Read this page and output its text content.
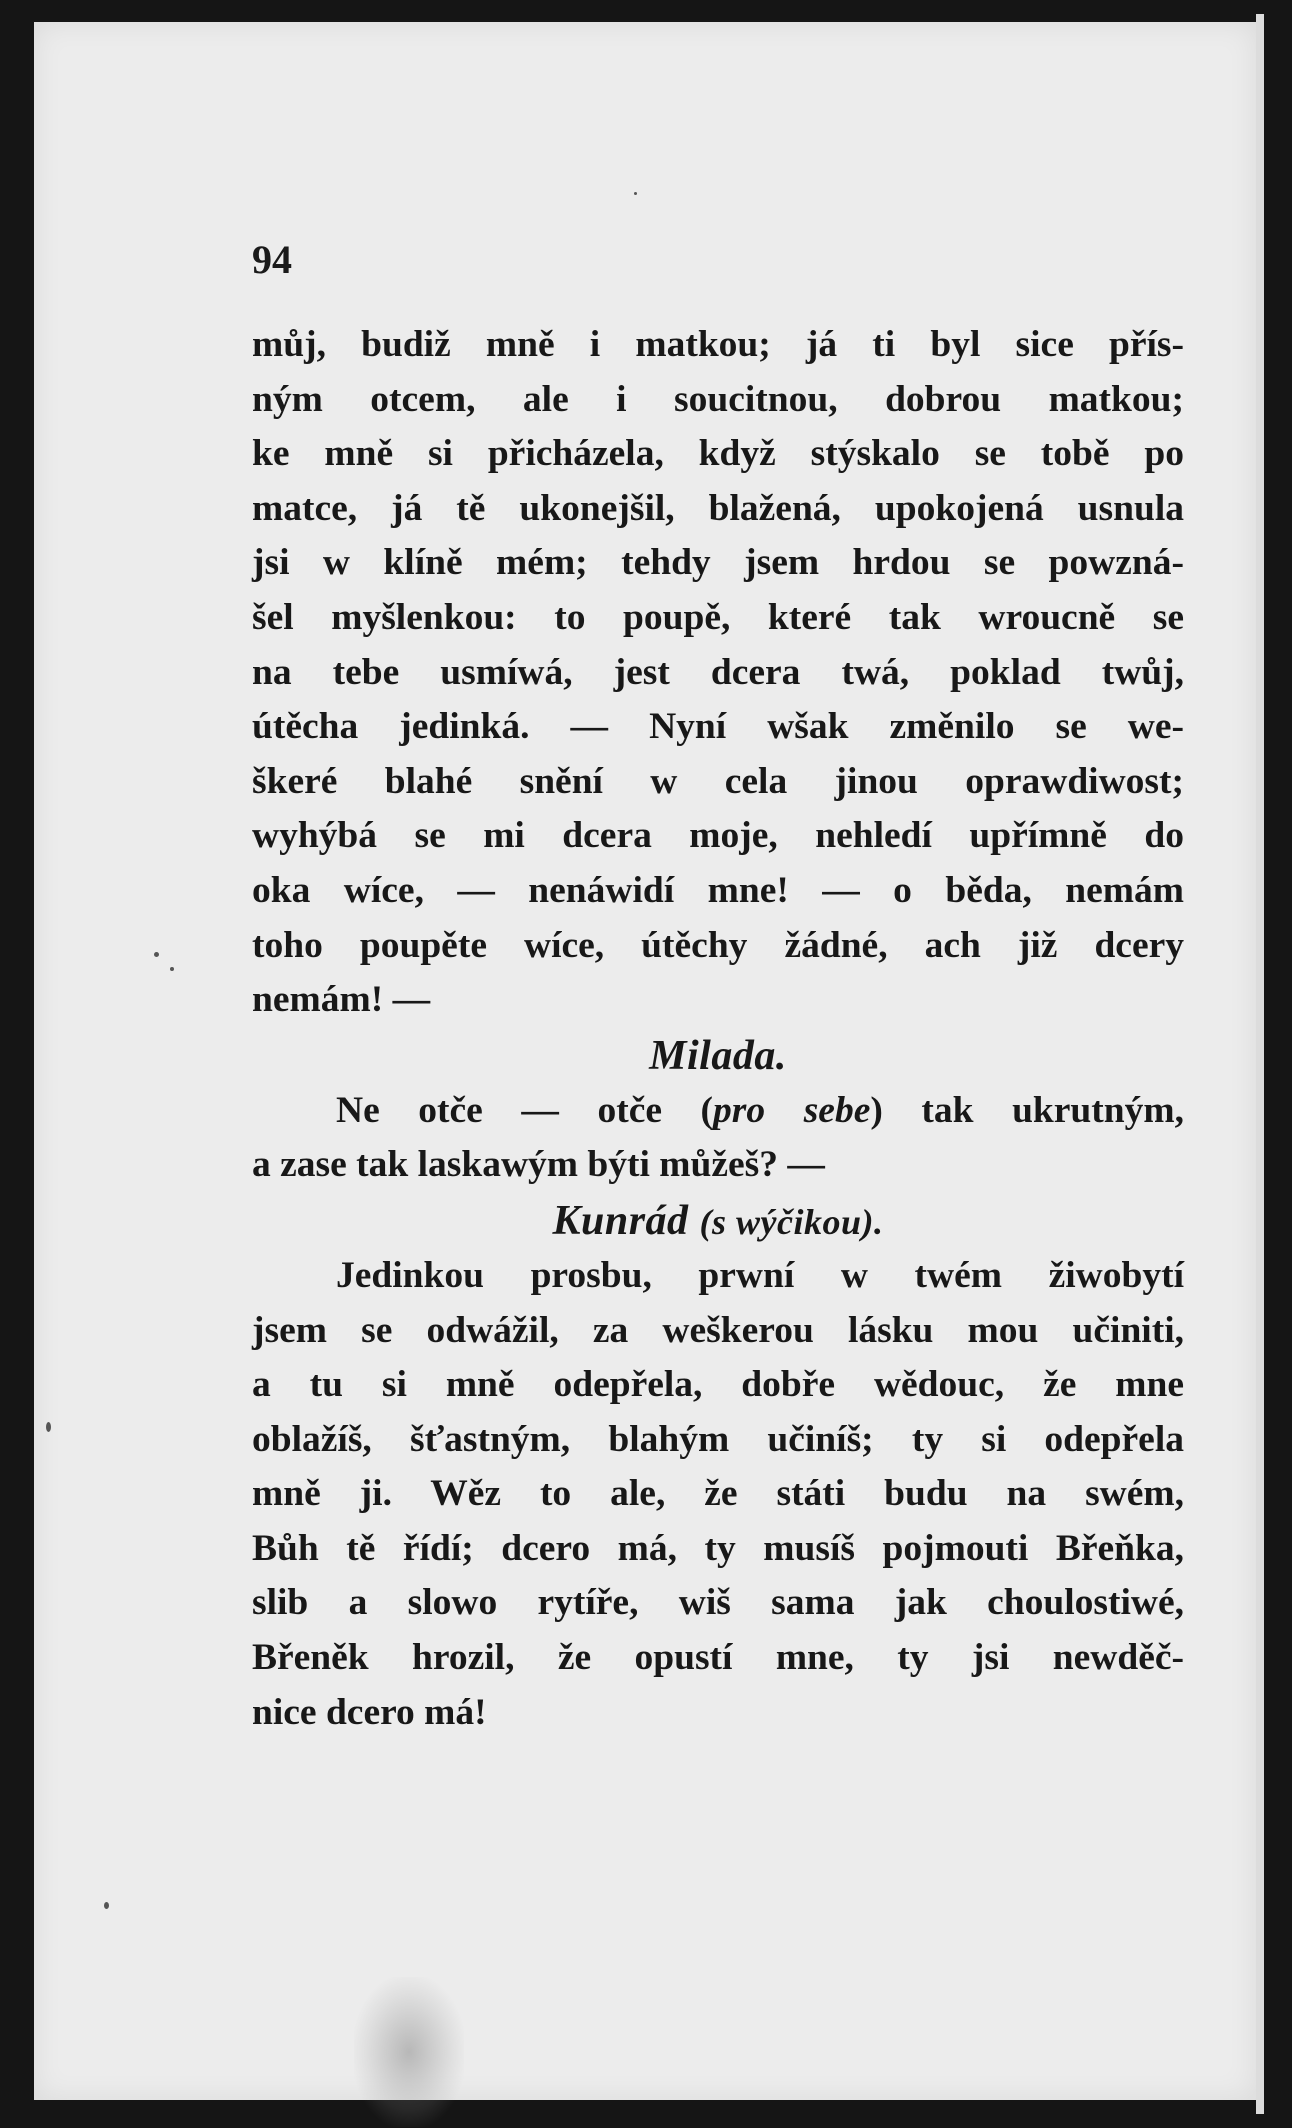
94

můj, budiž mně i matkou; já ti byl sice přís-
ným otcem, ale i soucitnou, dobrou matkou;
ke mně si přicházela, když stýskalo se tobě po
matce, já tě ukonejšil, blažená, upokojená usnula
jsi w klíně mém; tehdy jsem hrdou se powzná-
šel myšlenkou: to poupě, které tak wroucně se
na tebe usmíwá, jest dcera twá, poklad twůj,
útěcha jedinká. — Nyní wšak změnilo se we-
škeré blahé snění w cela jinou oprawdiwost;
wyhýbá se mi dcera moje, nehledí upřímně do
oka wíce, — nenáwidí mne! — o běda, nemám
toho poupěte wíce, útěchy žádné, ach již dcery
nemám! —
Milada.
Ne otče — otče (pro sebe) tak ukrutným,
a zase tak laskawým býti můžeš? —
Kunrád (s wýčikou).
Jedinkou prosbu, prwní w twém žiwobytí
jsem se odwážil, za weškerou lásku mou učiniti,
a tu si mně odepřela, dobře wědouc, že mne
oblažíš, šťastným, blahým učiníš; ty si odepřela
mně ji. Wěz to ale, že státi budu na swém,
Bůh tě řídí; dcero má, ty musíš pojmouti Břeňka,
slib a slowo rytíře, wiš sama jak choulostiwé,
Břeněk hrozil, že opustí mne, ty jsi newděč-
nice dcero má!
